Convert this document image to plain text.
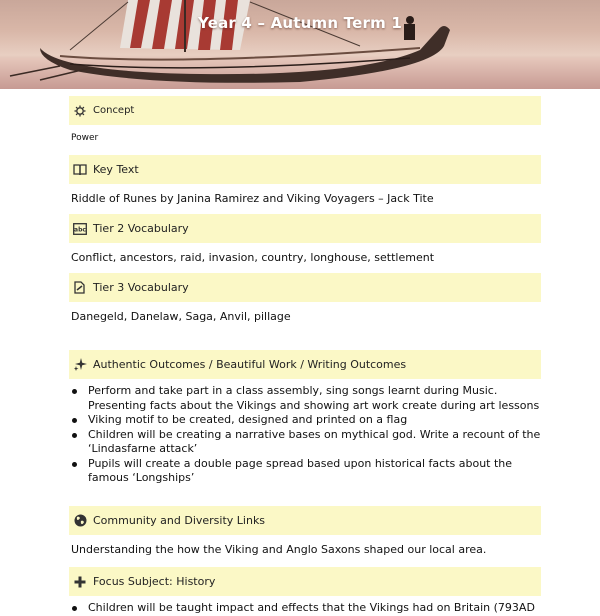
Year 4 – Autumn Term 1
Concept
Power
Key Text
Riddle of Runes by Janina Ramirez and Viking Voyagers – Jack Tite
abc Tier 2 Vocabulary
Conflict, ancestors, raid, invasion, country, longhouse, settlement
Tier 3 Vocabulary
Danegeld, Danelaw, Saga, Anvil, pillage
Authentic Outcomes / Beautiful Work / Writing Outcomes
Perform and take part in a class assembly, sing songs learnt during Music. Presenting facts about the Vikings and showing art work create during art lessons
Viking motif to be created, designed and printed on a flag
Children will be creating a narrative bases on mythical god. Write a recount of the ‘Lindasfarne attack’
Pupils will create a double page spread based upon historical facts about the famous ‘Longships’
Community and Diversity Links
Understanding the how the Viking and Anglo Saxons shaped our local area.
Focus Subject: History
Children will be taught impact and effects that the Vikings had on Britain (793AD
